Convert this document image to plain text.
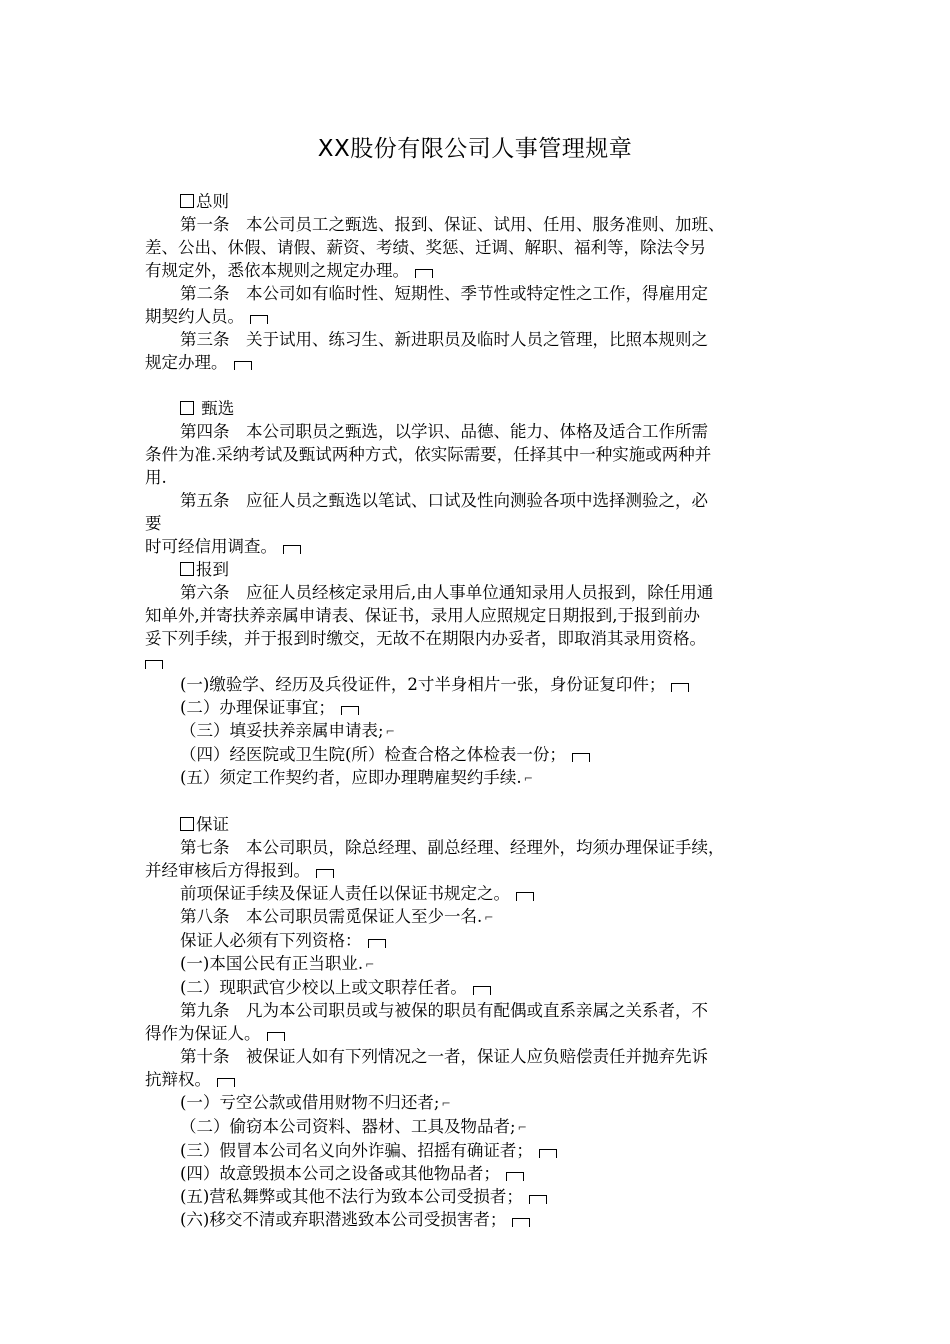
XX股份有限公司人事管理规章
总则
第一条　本公司员工之甄选、报到、保证、试用、任用、服务准则、加班、
差、公出、休假、请假、薪资、考绩、奖惩、迁调、解职、福利等，除法令另
有规定外，悉依本规则之规定办理。
第二条　本公司如有临时性、短期性、季节性或特定性之工作，得雇用定
期契约人员。
第三条　关于试用、练习生、新进职员及临时人员之管理，比照本规则之
规定办理。
甄选
第四条　本公司职员之甄选，以学识、品德、能力、体格及适合工作所需
条件为准.采纳考试及甄试两种方式，依实际需要，任择其中一种实施或两种并
用.
第五条　应征人员之甄选以笔试、口试及性向测验各项中选择测验之，必
要
时可经信用调查。
报到
第六条　应征人员经核定录用后,由人事单位通知录用人员报到，除任用通
知单外,并寄扶养亲属申请表、保证书，录用人应照规定日期报到,于报到前办
妥下列手续，并于报到时缴交，无故不在期限内办妥者，即取消其录用资格。
(一)缴验学、经历及兵役证件，2寸半身相片一张，身份证复印件；
(二）办理保证事宜；
（三）填妥扶养亲属申请表; ⌐
（四）经医院或卫生院(所）检查合格之体检表一份；
(五）须定工作契约者，应即办理聘雇契约手续. ⌐
保证
第七条　本公司职员，除总经理、副总经理、经理外，均须办理保证手续，
并经审核后方得报到。
前项保证手续及保证人责任以保证书规定之。
第八条　本公司职员需觅保证人至少一名. ⌐
保证人必须有下列资格：
(一)本国公民有正当职业. ⌐
(二）现职武官少校以上或文职荐任者。
第九条　凡为本公司职员或与被保的职员有配偶或直系亲属之关系者，不
得作为保证人。
第十条　被保证人如有下列情况之一者，保证人应负赔偿责任并抛弃先诉
抗辩权。
(一）亏空公款或借用财物不归还者; ⌐
（二）偷窃本公司资料、器材、工具及物品者; ⌐
(三）假冒本公司名义向外诈骗、招摇有确证者；
(四）故意毁损本公司之设备或其他物品者；
(五)营私舞弊或其他不法行为致本公司受损者；
(六)移交不清或弃职潜逃致本公司受损害者；
